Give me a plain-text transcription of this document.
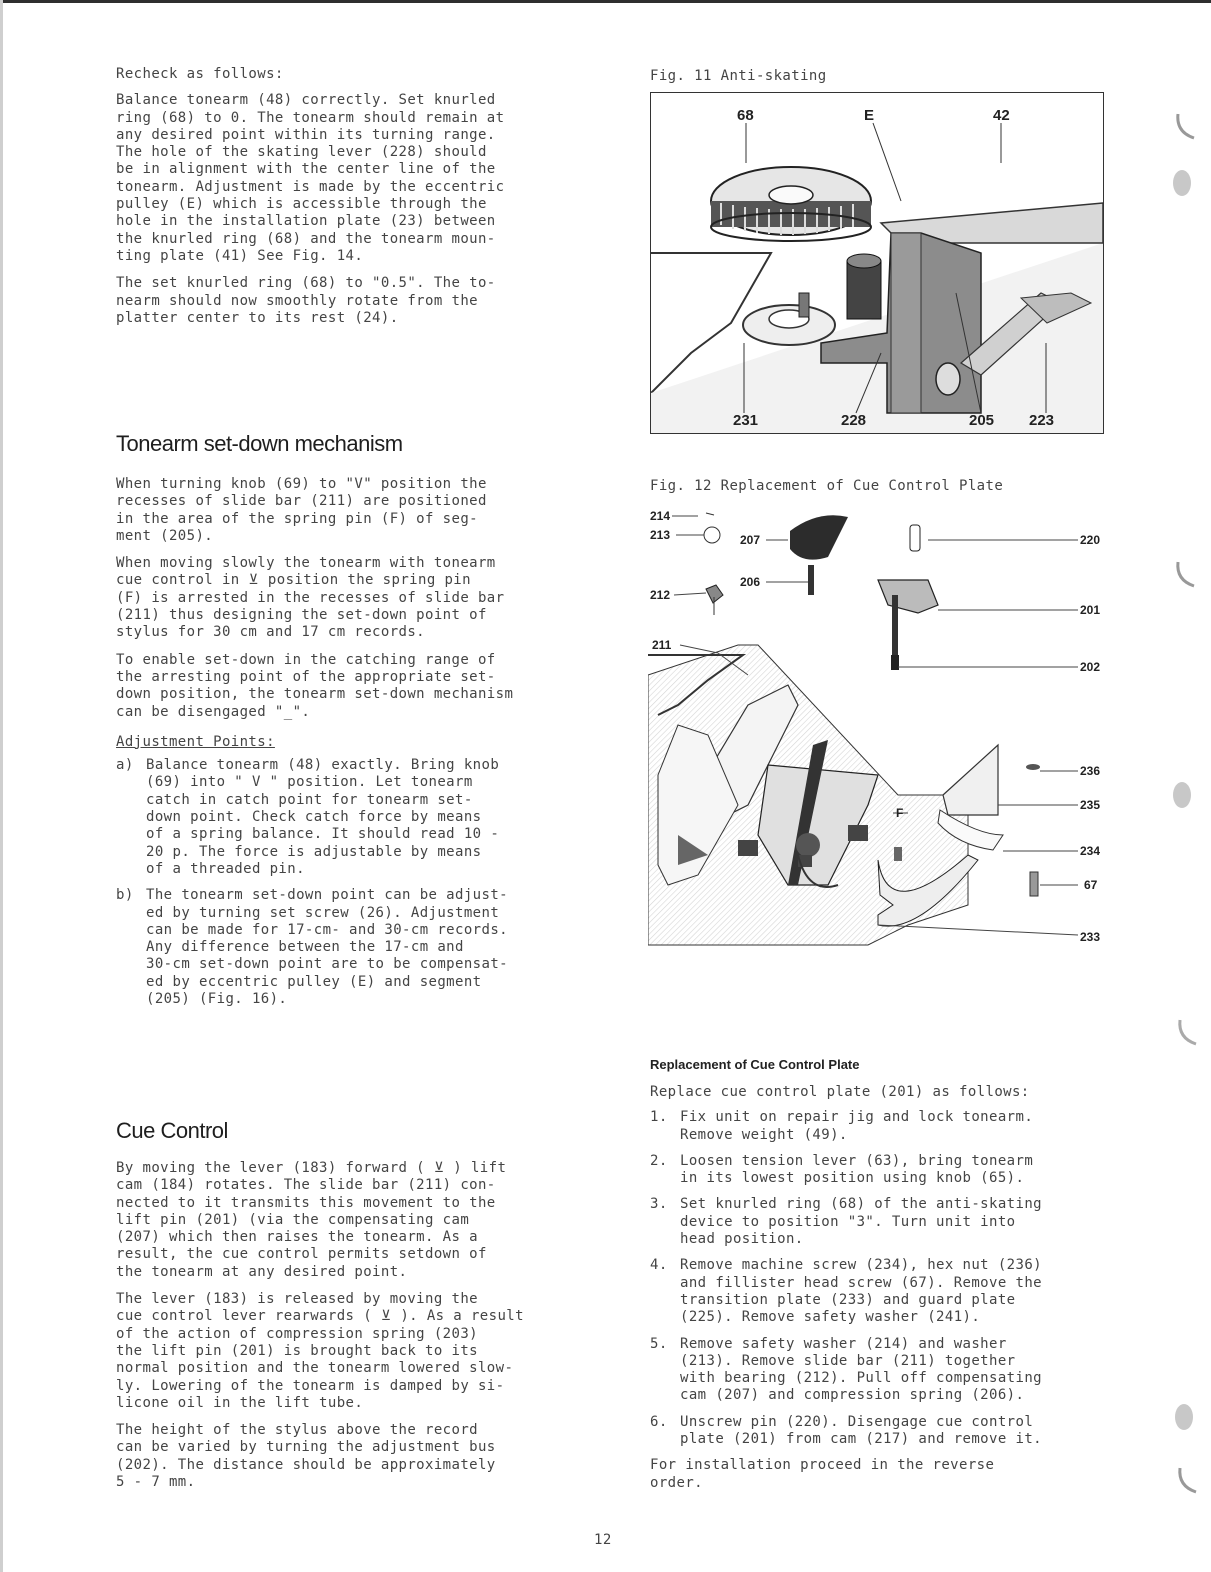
Recheck as follows:

Balance tonearm (48) correctly. Set knurled
ring (68) to 0. The tonearm should remain at
any desired point within its turning range.
The hole of the skating lever (228) should
be in alignment with the center line of the
tonearm. Adjustment is made by the eccentric
pulley (E) which is accessible through the
hole in the installation plate (23) between
the knurled ring (68) and the tonearm moun-
ting plate (41) See Fig. 14.

The set knurled ring (68) to "0.5". The to-
nearm should now smoothly rotate from the
platter center to its rest (24).

Tonearm set-down mechanism

When turning knob (69) to "V" position the
recesses of slide bar (211) are positioned
in the area of the spring pin (F) of seg-
ment (205).

When moving slowly the tonearm with tonearm
cue control in ⊻ position the spring pin
(F) is arrested in the recesses of slide bar
(211) thus designing the set-down point of
stylus for 30 cm and 17 cm records.

To enable set-down in the catching range of
the arresting point of the appropriate set-
down position, the tonearm set-down mechanism
can be disengaged "_".

Adjustment Points:

a) Balance tonearm (48) exactly. Bring knob
(69) into " V " position. Let tonearm
catch in catch point for tonearm set-
down point. Check catch force by means
of a spring balance. It should read 10 -
20 p. The force is adjustable by means
of a threaded pin.
b) The tonearm set-down point can be adjust-
ed by turning set screw (26). Adjustment
can be made for 17-cm- and 30-cm records.
Any difference between the 17-cm and
30-cm set-down point are to be compensat-
ed by eccentric pulley (E) and segment
(205) (Fig. 16).
Cue Control

By moving the lever (183) forward ( ⊻ ) lift
cam (184) rotates. The slide bar (211) con-
nected to it transmits this movement to the
lift pin (201) (via the compensating cam
(207) which then raises the tonearm. As a
result, the cue control permits setdown of
the tonearm at any desired point.

The lever (183) is released by moving the
cue control lever rearwards ( ⊻ ). As a result
of the action of compression spring (203)
the lift pin (201) is brought back to its
normal position and the tonearm lowered slow-
ly. Lowering of the tonearm is damped by si-
licone oil in the lift tube.

The height of the stylus above the record
can be varied by turning the adjustment bus
(202). The distance should be approximately
5 - 7 mm.

Fig. 11 Anti-skating
68	E	42
231	228	205 223
Fig. 12 Replacement of Cue Control Plate
214
213
212
211
207
206
220
201
202
236
235
234
67
233
F
Replacement of Cue Control Plate

Replace cue control plate (201) as follows:

1. Fix unit on repair jig and lock tonearm.
Remove weight (49).
2. Loosen tension lever (63), bring tonearm
in its lowest position using knob (65).
3. Set knurled ring (68) of the anti-skating
device to position "3". Turn unit into
head position.
4. Remove machine screw (234), hex nut (236)
and fillister head screw (67). Remove the
transition plate (233) and guard plate
(225). Remove safety washer (241).
5. Remove safety washer (214) and washer
(213). Remove slide bar (211) together
with bearing (212). Pull off compensating
cam (207) and compression spring (206).
6. Unscrew pin (220). Disengage cue control
plate (201) from cam (217) and remove it.

For installation proceed in the reverse
order.

12
